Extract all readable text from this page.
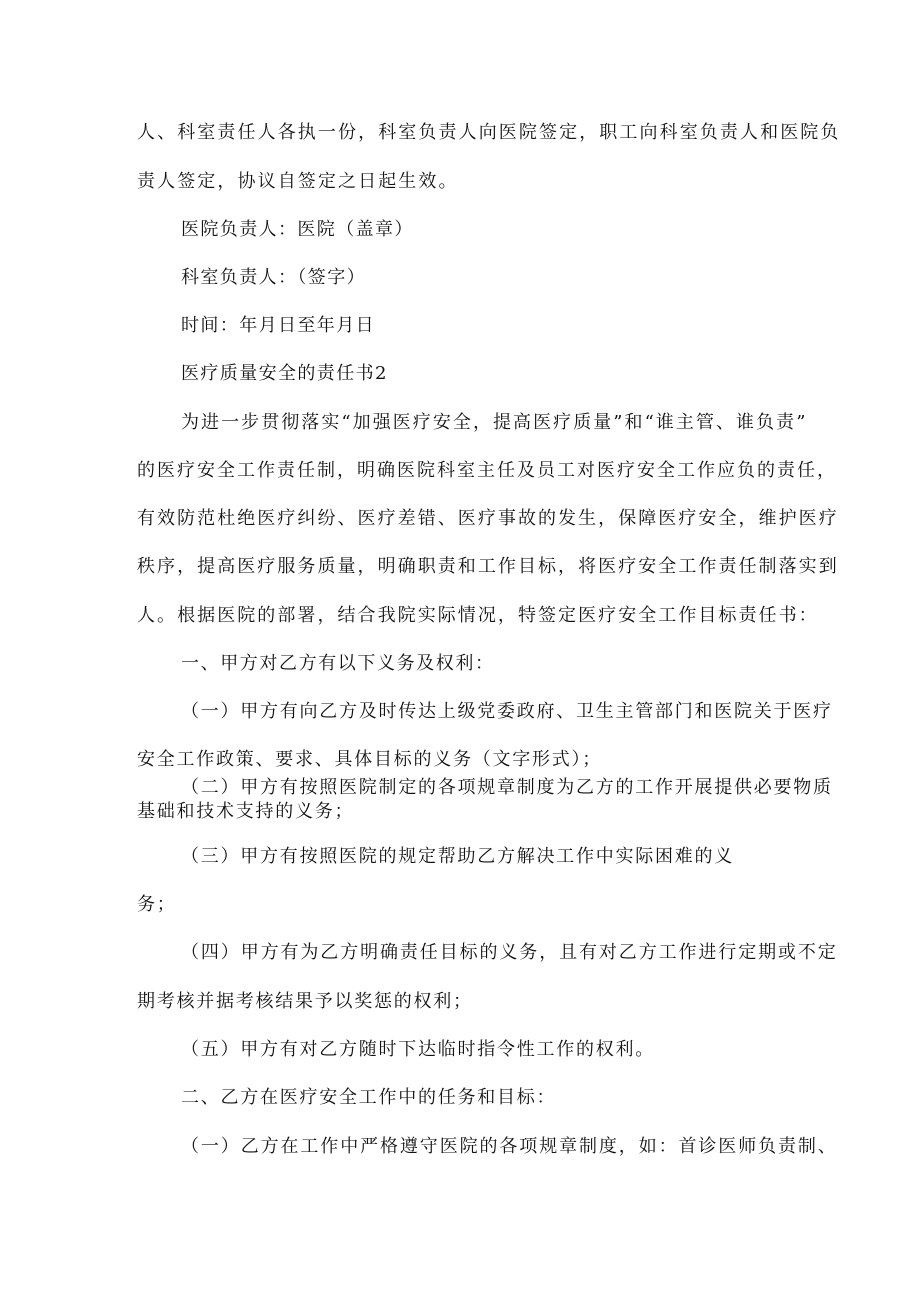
人、科室责任人各执一份，科室负责人向医院签定，职工向科室负责人和医院负
责人签定，协议自签定之日起生效。
医院负责人：医院（盖章）
科室负责人：（签字）
时间：年月日至年月日
医疗质量安全的责任书2
为进一步贯彻落实“加强医疗安全，提高医疗质量”和“谁主管、谁负责”
的医疗安全工作责任制，明确医院科室主任及员工对医疗安全工作应负的责任，
有效防范杜绝医疗纠纷、医疗差错、医疗事故的发生，保障医疗安全，维护医疗
秩序，提高医疗服务质量，明确职责和工作目标，将医疗安全工作责任制落实到
人。根据医院的部署，结合我院实际情况，特签定医疗安全工作目标责任书：
一、甲方对乙方有以下义务及权利：
（一）甲方有向乙方及时传达上级党委政府、卫生主管部门和医院关于医疗
安全工作政策、要求、具体目标的义务（文字形式）；
（二）甲方有按照医院制定的各项规章制度为乙方的工作开展提供必要物质
基础和技术支持的义务；
（三）甲方有按照医院的规定帮助乙方解决工作中实际困难的义
务；
（四）甲方有为乙方明确责任目标的义务，且有对乙方工作进行定期或不定
期考核并据考核结果予以奖惩的权利；
（五）甲方有对乙方随时下达临时指令性工作的权利。
二、乙方在医疗安全工作中的任务和目标：
（一）乙方在工作中严格遵守医院的各项规章制度，如：首诊医师负责制、
